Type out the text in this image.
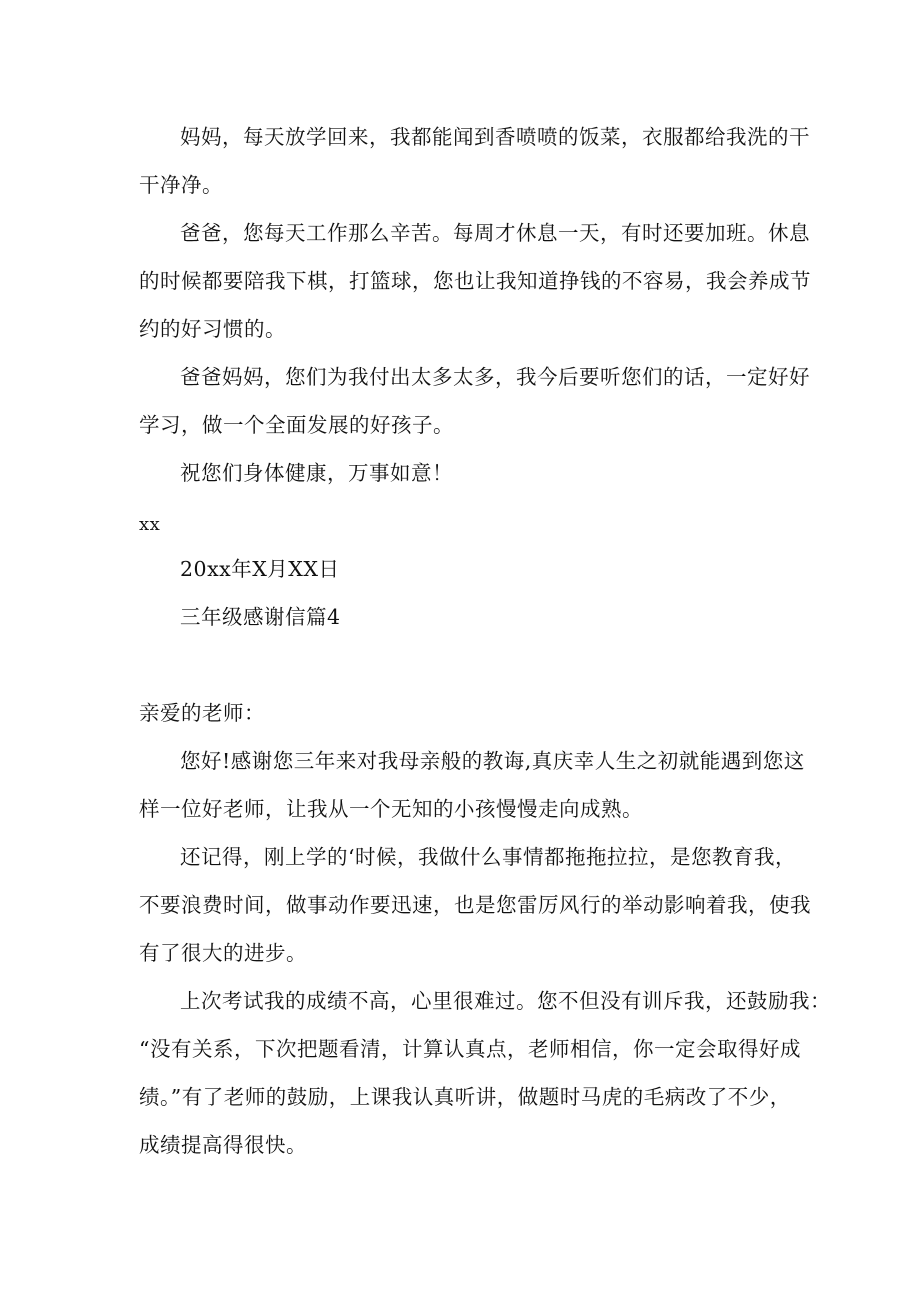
妈妈，每天放学回来，我都能闻到香喷喷的饭菜，衣服都给我洗的干
干净净。
爸爸，您每天工作那么辛苦。每周才休息一天，有时还要加班。休息
的时候都要陪我下棋，打篮球，您也让我知道挣钱的不容易，我会养成节
约的好习惯的。
爸爸妈妈，您们为我付出太多太多，我今后要听您们的话，一定好好
学习，做一个全面发展的好孩子。
祝您们身体健康，万事如意！
xx
20xx年X月XX日
三年级感谢信篇4
亲爱的老师：
您好!感谢您三年来对我母亲般的教诲,真庆幸人生之初就能遇到您这
样一位好老师，让我从一个无知的小孩慢慢走向成熟。
还记得，刚上学的‘时候，我做什么事情都拖拖拉拉，是您教育我，
不要浪费时间，做事动作要迅速，也是您雷厉风行的举动影响着我，使我
有了很大的进步。
上次考试我的成绩不高，心里很难过。您不但没有训斥我，还鼓励我：
“没有关系，下次把题看清，计算认真点，老师相信，你一定会取得好成
绩。”有了老师的鼓励，上课我认真听讲，做题时马虎的毛病改了不少，
成绩提高得很快。
